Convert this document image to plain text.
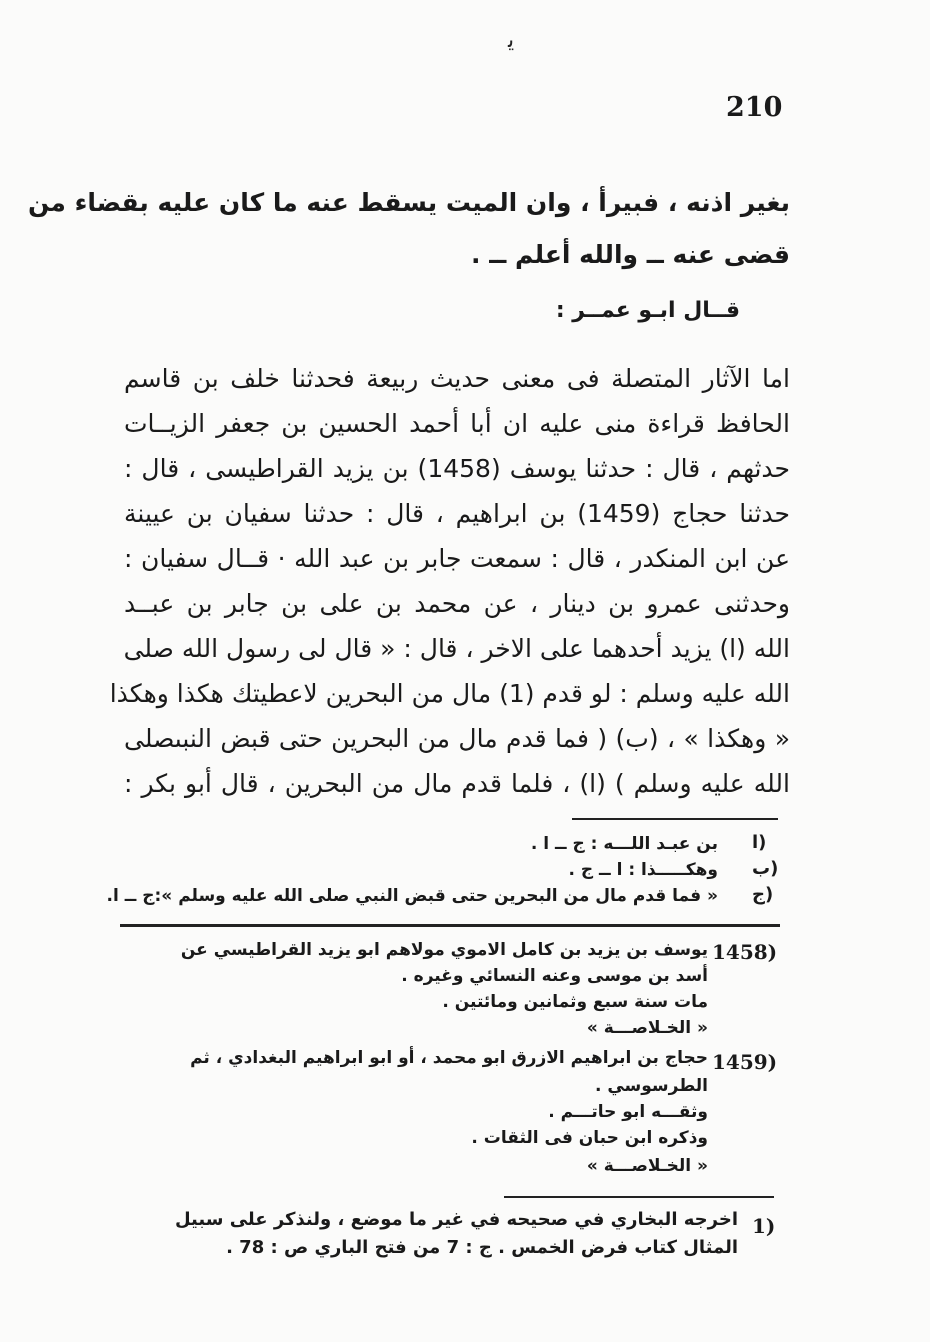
ﻳ
210
بغير اذنه ، فبيرأ ، وان الميت يسقط عنه ما كان عليه بقضاء من
قضى عنه ــ والله أعلم ــ .
قــال ابـو عمــر :
اما الآثار المتصلة فى معنى حديث ربيعة فحدثنا خلف بن قاسم
الحافظ قراءة منى عليه ان أبا أحمد الحسين بن جعفر الزيــات
حدثهم ، قال : حدثنا يوسف (1458) بن يزيد القراطيسى ، قال :
حدثنا حجاج (1459) بن ابراهيم ، قال : حدثنا سفيان بن عيينة
عن ابن المنكدر ، قال : سمعت جابر بن عبد الله · قــال سفيان :
وحدثنى عمرو بن دينار ، عن محمد بن على بن جابر بن عبــد
الله (ا) يزيد أحدهما على الاخر ، قال : « قال لى رسول الله صلى
الله عليه وسلم : لو قدم (1) مال من البحرين لاعطيتك هكذا وهكذا
« وهكذا » ، (ب) ( فما قدم مال من البحرين حتى قبض النبىصلى
الله عليه وسلم ) (ا) ، فلما قدم مال من البحرين ، قال أبو بكر :
ا)
بن عبـد اللـــه : ج ــ ا .
ب)
وهكـــــذا : ا ــ ج .
ج)
« فما قدم مال من البحرين حتى قبض النبي صلى الله عليه وسلم »:ج ــ ا.
1458)
يوسف بن يزيد بن كامل الاموي مولاهم ابو يزيد القراطيسي عن
أسد بن موسى وعنه النسائي وغيره .
مات سنة سبع وثمانين ومائتين .
« الخـلاصـــة »
1459)
حجاج بن ابراهيم الازرق ابو محمد ، أو ابو ابراهيم البغدادي ، ثم
الطرسوسي .
وثقـــه ابو حاتـــم .
وذكره ابن حبان فى الثقات .
« الخـلاصـــة »
1)
اخرجه البخاري في صحيحه في غير ما موضع ، ولنذكر على سبيل
المثال كتاب فرض الخمس . ج : 7 من فتح الباري ص : 78 .
